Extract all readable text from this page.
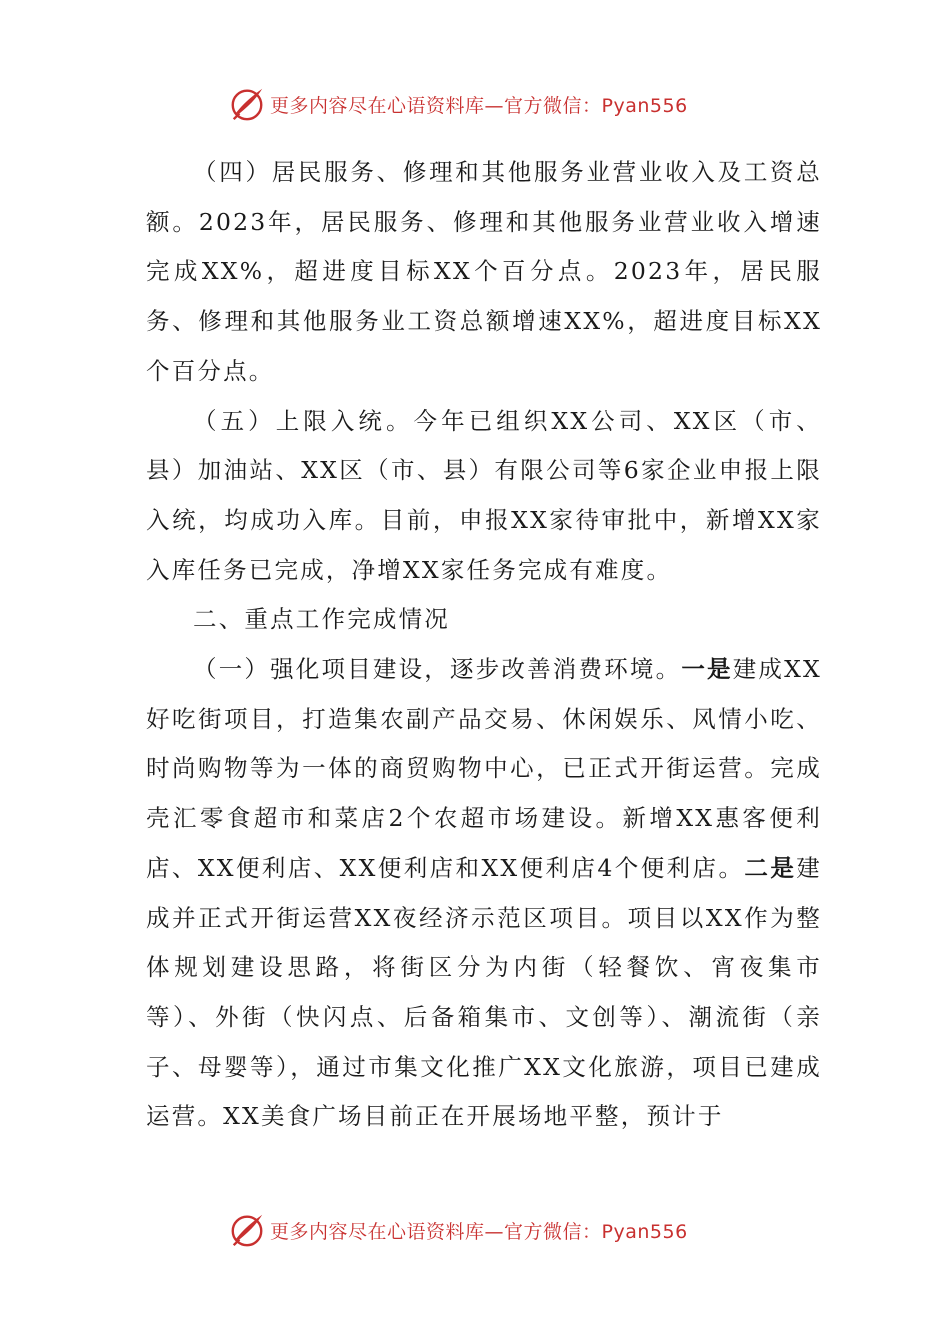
更多内容尽在心语资料库—官方微信：Pyan556

（四）居民服务、修理和其他服务业营业收入及工资总额。2023年，居民服务、修理和其他服务业营业收入增速完成XX%，超进度目标XX个百分点。2023年，居民服务、修理和其他服务业工资总额增速XX%，超进度目标XX个百分点。

（五）上限入统。今年已组织XX公司、XX区（市、县）加油站、XX区（市、县）有限公司等6家企业申报上限入统，均成功入库。目前，申报XX家待审批中，新增XX家入库任务已完成，净增XX家任务完成有难度。

二、重点工作完成情况

（一）强化项目建设，逐步改善消费环境。一是建成XX好吃街项目，打造集农副产品交易、休闲娱乐、风情小吃、时尚购物等为一体的商贸购物中心，已正式开街运营。完成壳汇零食超市和菜店2个农超市场建设。新增XX惠客便利店、XX便利店、XX便利店和XX便利店4个便利店。二是建成并正式开街运营XX夜经济示范区项目。项目以XX作为整体规划建设思路，将街区分为内街（轻餐饮、宵夜集市等）、外街（快闪点、后备箱集市、文创等）、潮流街（亲子、母婴等），通过市集文化推广XX文化旅游，项目已建成运营。XX美食广场目前正在开展场地平整，预计于

更多内容尽在心语资料库—官方微信：Pyan556
